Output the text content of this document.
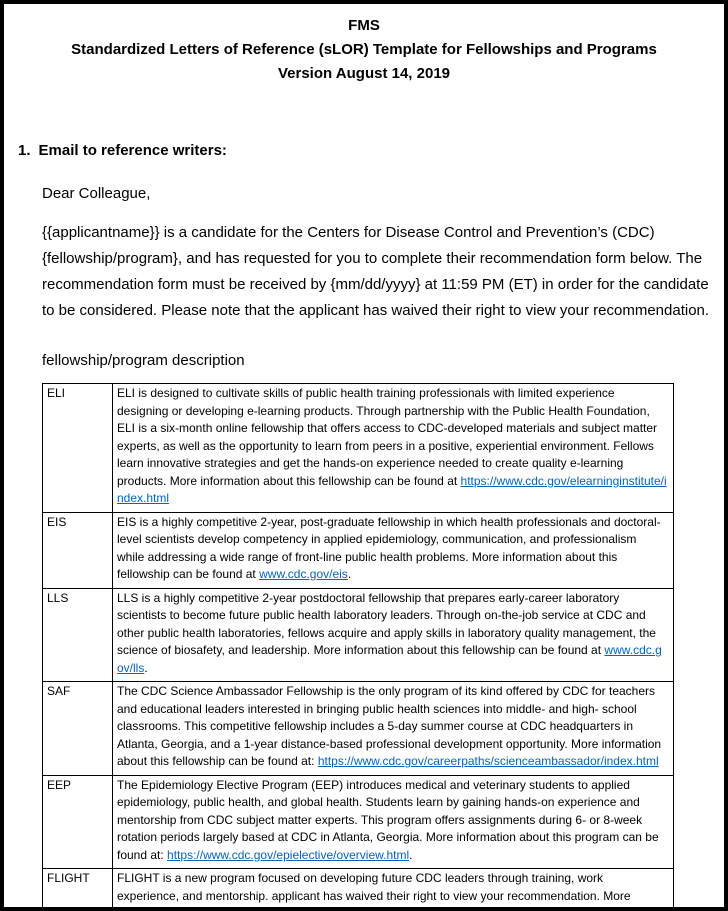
FMS
Standardized Letters of Reference (sLOR) Template for Fellowships and Programs
Version August 14, 2019
1. Email to reference writers:

Dear Colleague,

{{applicantname}} is a candidate for the Centers for Disease Control and Prevention’s (CDC) {fellowship/program}, and has requested for you to complete their recommendation form below. The recommendation form must be received by {mm/dd/yyyy} at 11:59 PM (ET) in order for the candidate to be considered. Please note that the applicant has waived their right to view your recommendation.

fellowship/program description

ELI	ELI is designed to cultivate skills of public health training professionals with limited experience designing or developing e-learning products. Through partnership with the Public Health Foundation, ELI is a six-month online fellowship that offers access to CDC-developed materials and subject matter experts, as well as the opportunity to learn from peers in a positive, experiential environment. Fellows learn innovative strategies and get the hands-on experience needed to create quality e-learning products. More information about this fellowship can be found at https://www.cdc.gov/elearninginstitute/index.html
EIS	EIS is a highly competitive 2-year, post-graduate fellowship in which health professionals and doctoral-level scientists develop competency in applied epidemiology, communication, and professionalism while addressing a wide range of front-line public health problems. More information about this fellowship can be found at www.cdc.gov/eis.
LLS	LLS is a highly competitive 2-year postdoctoral fellowship that prepares early-career laboratory scientists to become future public health laboratory leaders. Through on-the-job service at CDC and other public health laboratories, fellows acquire and apply skills in laboratory quality management, the science of biosafety, and leadership. More information about this fellowship can be found at www.cdc.gov/lls.
SAF	The CDC Science Ambassador Fellowship is the only program of its kind offered by CDC for teachers and educational leaders interested in bringing public health sciences into middle- and high- school classrooms. This competitive fellowship includes a 5-day summer course at CDC headquarters in Atlanta, Georgia, and a 1-year distance-based professional development opportunity. More information about this fellowship can be found at: https://www.cdc.gov/careerpaths/scienceambassador/index.html
EEP	The Epidemiology Elective Program (EEP) introduces medical and veterinary students to applied epidemiology, public health, and global health. Students learn by gaining hands-on experience and mentorship from CDC subject matter experts. This program offers assignments during 6- or 8-week rotation periods largely based at CDC in Atlanta, Georgia. More information about this program can be found at: https://www.cdc.gov/epielective/overview.html.
FLIGHT	FLIGHT is a new program focused on developing future CDC leaders through training, work experience, and mentorship. applicant has waived their right to view your recommendation. More
